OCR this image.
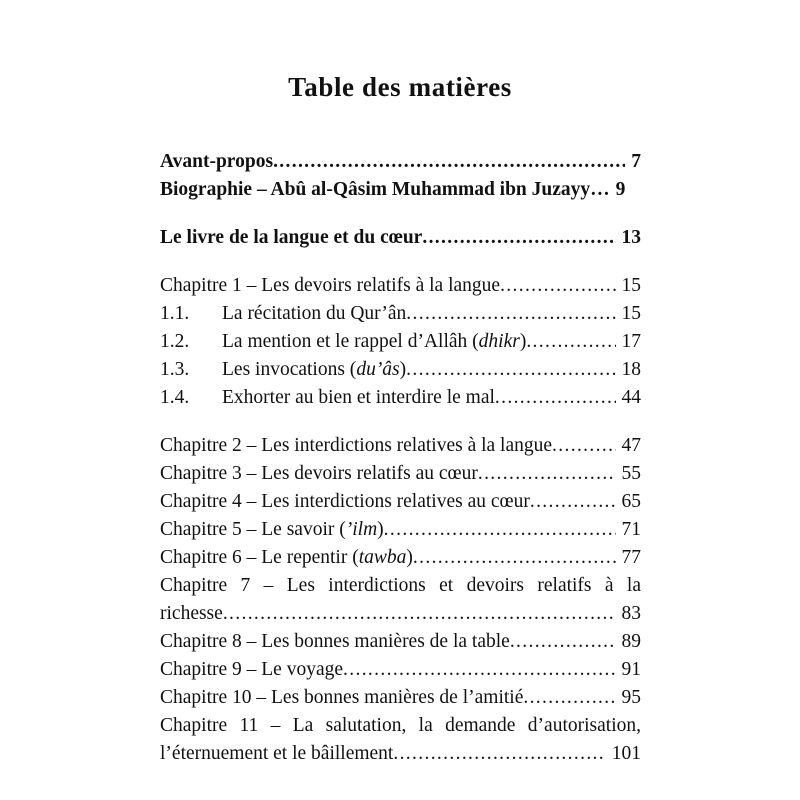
Table des matières
Avant-propos .....	7
Biographie – Abû al-Qâsim Muhammad ibn Juzayy… 9
Le livre de la langue et du cœur .....	13
Chapitre 1 – Les devoirs relatifs à la langue .....	15
1.1.	La récitation du Qur’ân .....	15
1.2.	La mention et le rappel d’Allâh (dhikr) .....	17
1.3.	Les invocations (du’âs) .....	18
1.4.	Exhorter au bien et interdire le mal .....	44
Chapitre 2 – Les interdictions relatives à la langue .....	47
Chapitre 3 – Les devoirs relatifs au cœur .....	55
Chapitre 4 – Les interdictions relatives au cœur .....	65
Chapitre 5 – Le savoir (’ilm) .....	71
Chapitre 6 – Le repentir (tawba) .....	77
Chapitre 7 – Les interdictions et devoirs relatifs à la
richesse .....	83
Chapitre 8 – Les bonnes manières de la table .....	89
Chapitre 9 – Le voyage .....	91
Chapitre 10 – Les bonnes manières de l’amitié .....	95
Chapitre 11 – La salutation, la demande d’autorisation,
l’éternuement et le bâillement .....	101
